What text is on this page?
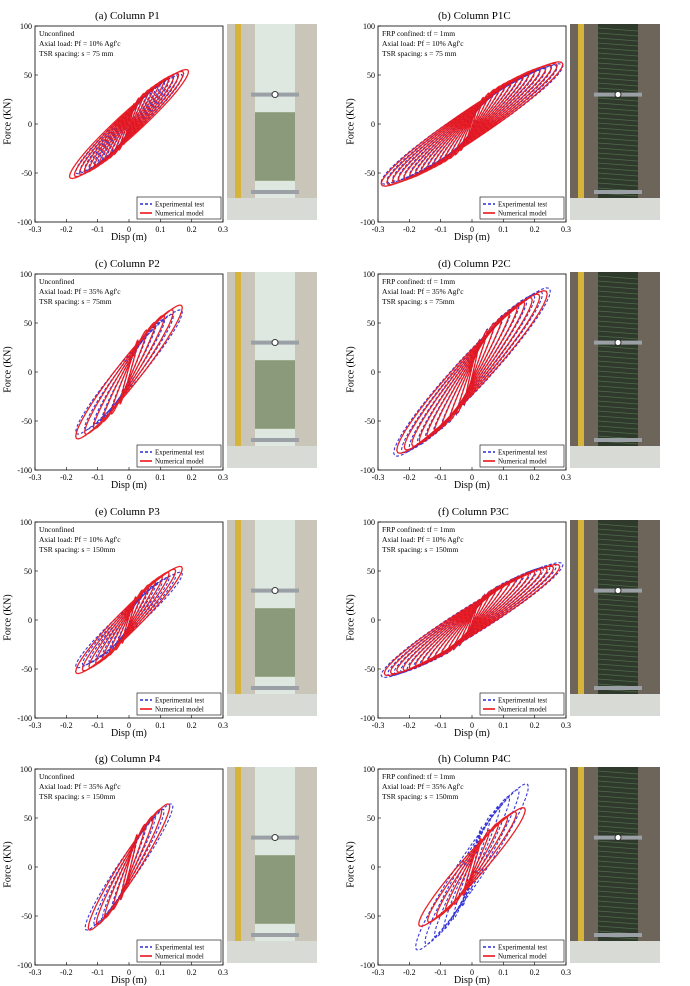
(a) Column P1
-0.3 -0.2 -0.1	0	0.1	0.2	0.3
100
50
0
-50
-100
Unconfined
Axial load: Pf = 10% Agf'c
TSR spacing: s = 75 mm
Experimental test
Numerical model
Disp (m)
Force (KN)
(b) Column P1C
-0.3 -0.2 -0.1	0	0.1	0.2	0.3
100
50
0
-50
-100
FRP confined: tf = 1mm
Axial load: Pf = 10% Agf'c
TSR spacing: s = 75 mm
Experimental test
Numerical model
Disp (m)
Force (KN)
(c) Column P2
-0.3 -0.2 -0.1	0	0.1	0.2	0.3
100
50
0
-50
-100
Unconfined
Axial load: Pf = 35% Agf'c
TSR spacing: s = 75mm
Experimental test
Numerical model
Disp (m)
Force (KN)
(d) Column P2C
-0.3 -0.2 -0.1	0	0.1	0.2	0.3
100
50
0
-50
-100
FRP confined: tf = 1mm
Axial load: Pf = 35% Agf'c
TSR spacing: s = 75mm
Experimental test
Numerical model
Disp (m)
Force (KN)
(e) Column P3
-0.3 -0.2 -0.1	0	0.1	0.2	0.3
100
50
0
-50
-100
Unconfined
Axial load: Pf = 10% Agf'c
TSR spacing: s = 150mm
Experimental test
Numerical model
Disp (m)
Force (KN)
(f) Column P3C
-0.3 -0.2 -0.1	0	0.1	0.2	0.3
100
50
0
-50
-100
FRP confined: tf = 1mm
Axial load: Pf = 10% Agf'c
TSR spacing: s = 150mm
Experimental test
Numerical model
Disp (m)
Force (KN)
(g) Column P4
-0.3 -0.2 -0.1	0	0.1	0.2	0.3
100
50
0
-50
-100
Unconfined
Axial load: Pf = 35% Agf'c
TSR spacing: s = 150mm
Experimental test
Numerical model
Disp (m)
Force (KN)
(h) Column P4C
-0.3 -0.2 -0.1	0	0.1	0.2	0.3
100
50
0
-50
-100
FRP confined: tf = 1mm
Axial load: Pf = 35% Agf'c
TSR spacing: s = 150mm
Experimental test
Numerical model
Disp (m)
Force (KN)
